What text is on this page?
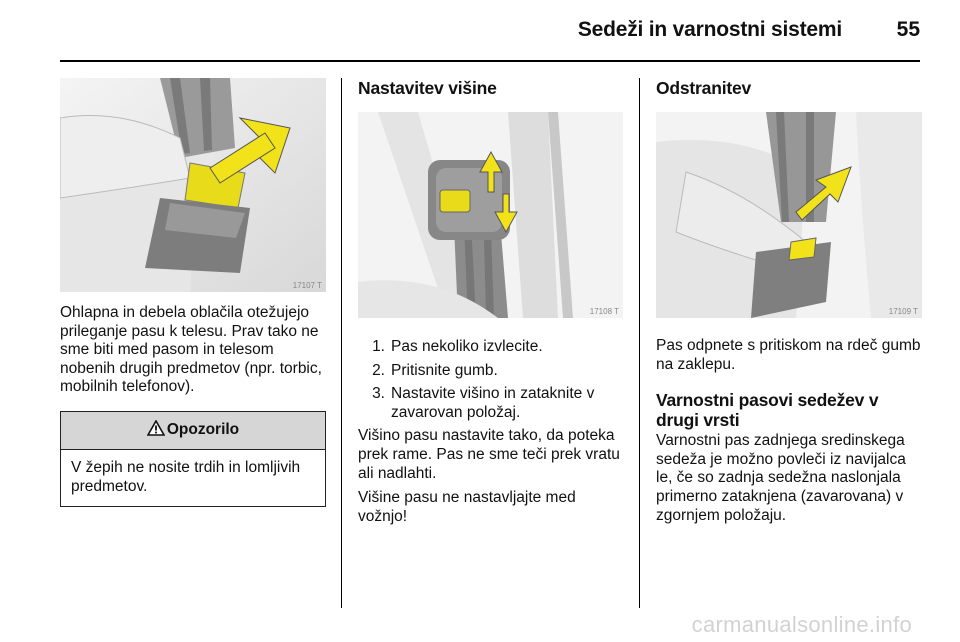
Sedeži in varnostni sistemi	55
17107 T

Ohlapna in debela oblačila otežujejo prileganje pasu k telesu. Prav tako ne sme biti med pasom in telesom nobenih drugih predmetov (npr. torbic, mobilnih telefonov).

Opozorilo
V žepih ne nosite trdih in lomljivih predmetov.
Nastavitev višine
17108 T
1. Pas nekoliko izvlecite.
2. Pritisnite gumb.
3. Nastavite višino in zataknite v zavarovan položaj.

Višino pasu nastavite tako, da poteka prek rame. Pas ne sme teči prek vratu ali nadlahti.

Višine pasu ne nastavljajte med vožnjo!

Odstranitev
17109 T

Pas odpnete s pritiskom na rdeč gumb na zaklepu.

Varnostni pasovi sedežev v drugi vrsti

Varnostni pas zadnjega sredinskega sedeža je možno povleči iz navijalca le, če so zadnja sedežna naslonjala primerno zataknjena (zavarovana) v zgornjem položaju.

carmanualsonline.info
